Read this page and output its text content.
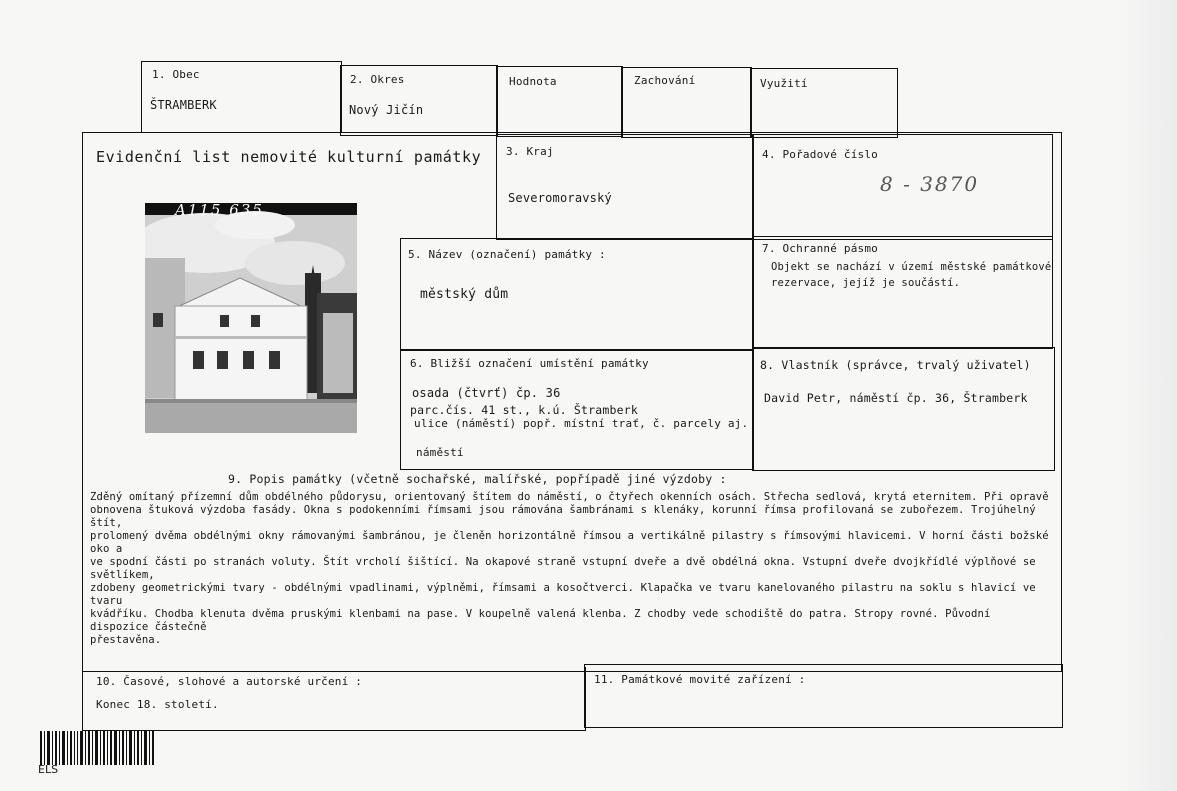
1. Obec
ŠTRAMBERK
2. Okres
Nový Jičín
Hodnota	Zachování	Využití
Evidenční list nemovité kulturní památky 3. Kraj
Severomoravský
4. Pořadové číslo
8 - 3870
A115 635
5. Název (označení) památky :
městský dům
7. Ochranné pásmo
Objekt se nachází v území městské památkové
rezervace, jejíž je součástí.
6. Bližší označení umístění památky
osada (čtvrť) čp. 36
parc.čís. 41 st., k.ú. Štramberk
ulice (náměstí) popř. místní trať, č. parcely aj.
náměstí
8. Vlastník (správce, trvalý uživatel)
David Petr, náměstí čp. 36, Štramberk
9. Popis památky (včetně sochařské, malířské, popřípadě jiné výzdoby :

Zděný omítaný přízemní dům obdélného půdorysu, orientovaný štítem do náměstí, o čtyřech okenních osách. Střecha sedlová, krytá eternitem. Při opravě
obnovena štuková výzdoba fasády. Okna s podokenními římsami jsou rámována šambránami s klenáky, korunní římsa profilovaná se zubořezem. Trojúhelný štít,
prolomený dvěma obdélnými okny rámovanými šambránou, je členěn horizontálně římsou a vertikálně pilastry s římsovými hlavicemi. V horní části božské oko a
ve spodní části po stranách voluty. Štít vrcholí šištící. Na okapové straně vstupní dveře a dvě obdélná okna. Vstupní dveře dvojkřídlé výplňové se světlíkem,
zdobeny geometrickými tvary - obdélnými vpadlinami, výplněmi, římsami a kosočtverci. Klapačka ve tvaru kanelovaného pilastru na soklu s hlavicí ve tvaru
kvádříku. Chodba klenuta dvěma pruskými klenbami na pase. V koupelně valená klenba. Z chodby vede schodiště do patra. Stropy rovné. Původní dispozice částečně
přestavěna.

10. Časové, slohové a autorské určení :
Konec 18. století.
11. Památkové movité zařízení :
ELS
